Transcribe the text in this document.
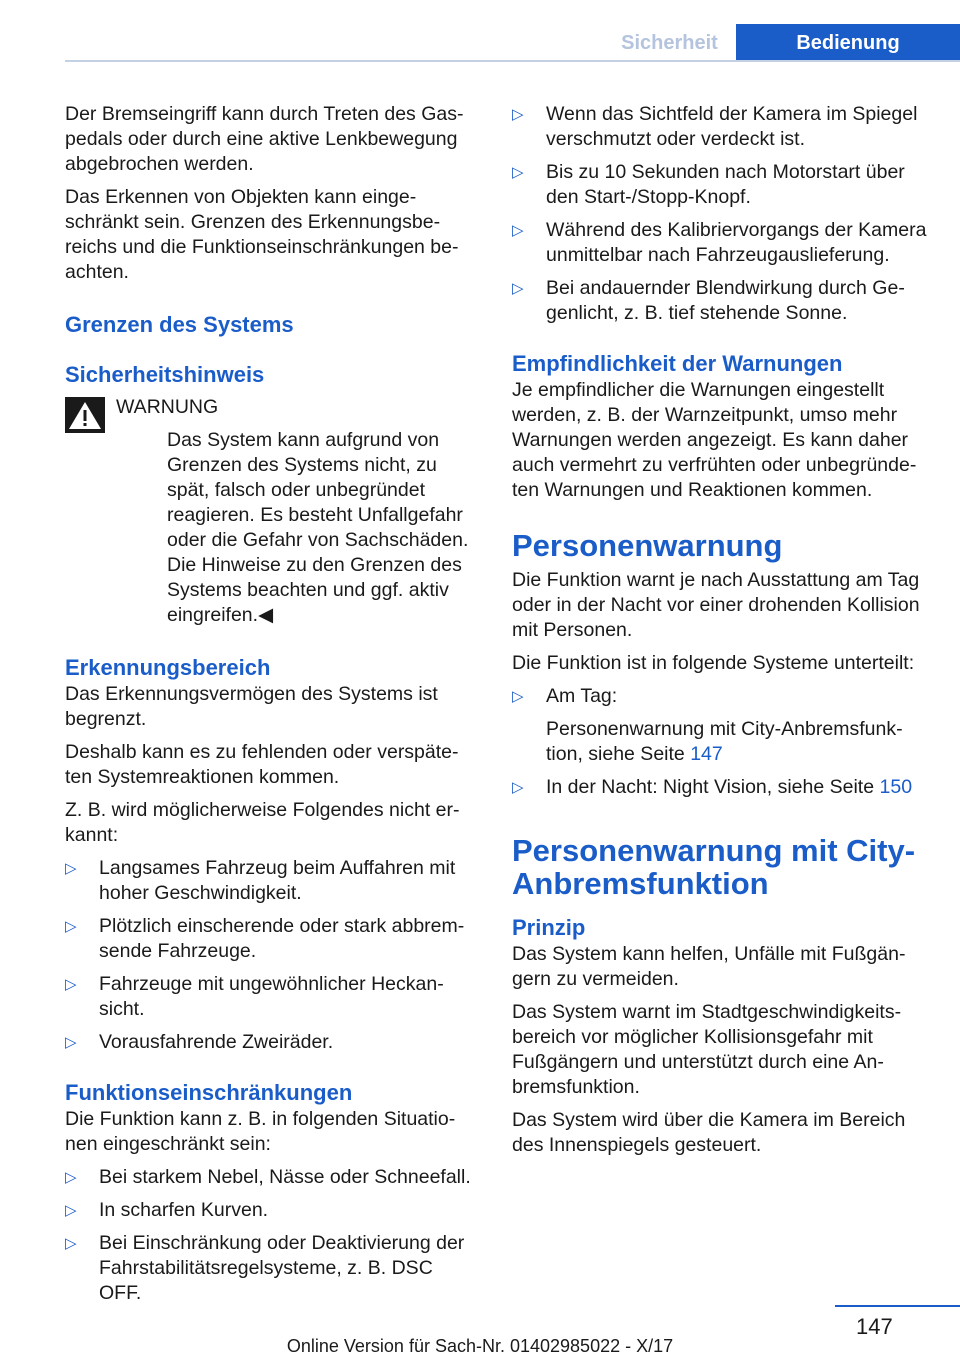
Sicherheit	Bedienung

Der Bremseingriff kann durch Treten des Gaspedals oder durch eine aktive Lenkbewegung abgebrochen werden.

Das Erkennen von Objekten kann eingeschränkt sein. Grenzen des Erkennungsbereichs und die Funktionseinschränkungen beachten.

Grenzen des Systems
Sicherheitshinweis

WARNUNG

Das System kann aufgrund von Grenzen des Systems nicht, zu spät, falsch oder unbegründet reagieren. Es besteht Unfallgefahr oder die Gefahr von Sachschäden. Die Hinweise zu den Grenzen des Systems beachten und ggf. aktiv eingreifen.◀

Erkennungsbereich

Das Erkennungsvermögen des Systems ist begrenzt.

Deshalb kann es zu fehlenden oder verspäteten Systemreaktionen kommen.

Z. B. wird möglicherweise Folgendes nicht erkannt:

▷ Langsames Fahrzeug beim Auffahren mit hoher Geschwindigkeit.
▷ Plötzlich einscherende oder stark abbremsende Fahrzeuge.
▷ Fahrzeuge mit ungewöhnlicher Heckansicht.
▷ Vorausfahrende Zweiräder.
Funktionseinschränkungen

Die Funktion kann z. B. in folgenden Situationen eingeschränkt sein:

▷ Bei starkem Nebel, Nässe oder Schneefall.
▷ In scharfen Kurven.
▷ Bei Einschränkung oder Deaktivierung der Fahrstabilitätsregelsysteme, z. B. DSC OFF.
▷ Wenn das Sichtfeld der Kamera im Spiegel verschmutzt oder verdeckt ist.
▷ Bis zu 10 Sekunden nach Motorstart über den Start-/Stopp-Knopf.
▷ Während des Kalibriervorgangs der Kamera unmittelbar nach Fahrzeugauslieferung.
▷ Bei andauernder Blendwirkung durch Gegenlicht, z. B. tief stehende Sonne.
Empfindlichkeit der Warnungen

Je empfindlicher die Warnungen eingestellt werden, z. B. der Warnzeitpunkt, umso mehr Warnungen werden angezeigt. Es kann daher auch vermehrt zu verfrühten oder unbegründeten Warnungen und Reaktionen kommen.

Personenwarnung

Die Funktion warnt je nach Ausstattung am Tag oder in der Nacht vor einer drohenden Kollision mit Personen.

Die Funktion ist in folgende Systeme unterteilt:

▷ Am Tag:
Personenwarnung mit City-Anbremsfunktion, siehe Seite 147
▷ In der Nacht: Night Vision, siehe Seite 150
Personenwarnung mit City-Anbremsfunktion
Prinzip

Das System kann helfen, Unfälle mit Fußgängern zu vermeiden.

Das System warnt im Stadtgeschwindigkeitsbereich vor möglicher Kollisionsgefahr mit Fußgängern und unterstützt durch eine Anbremsfunktion.

Das System wird über die Kamera im Bereich des Innenspiegels gesteuert.

147
Online Version für Sach-Nr. 01402985022 - X/17
